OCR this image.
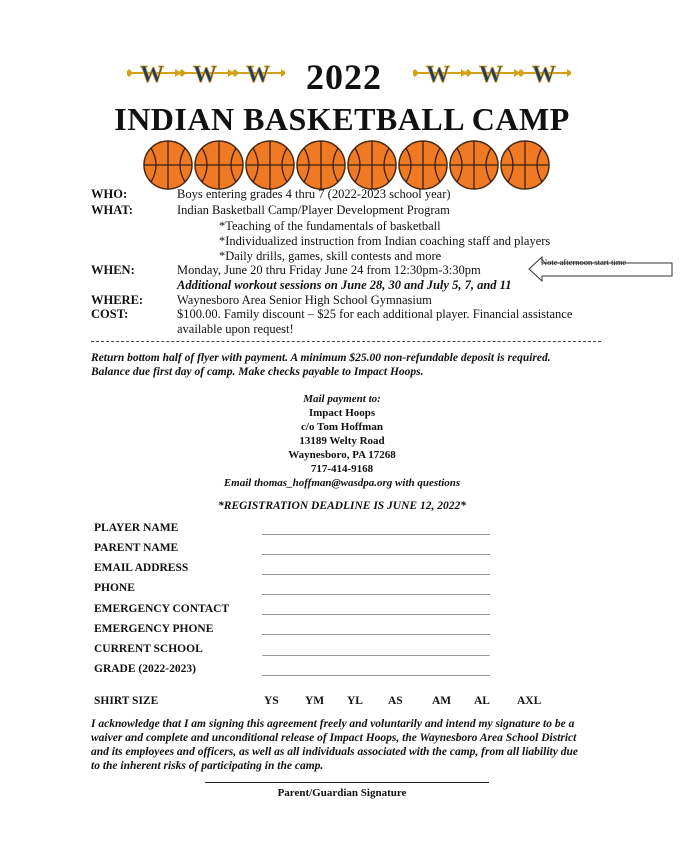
W	2022
INDIAN BASKETBALL CAMP
WHO:	Boys entering grades 4 thru 7 (2022-2023 school year)
WHAT:	Indian Basketball Camp/Player Development Program
*Teaching of the fundamentals of basketball
*Individualized instruction from Indian coaching staff and players
*Daily drills, games, skill contests and more
WHEN:	Monday, June 20 thru Friday June 24 from 12:30pm-3:30pm
Additional workout sessions on June 28, 30 and July 5, 7, and 11
Note afternoon start time
WHERE:	Waynesboro Area Senior High School Gymnasium
COST:	$100.00. Family discount – $25 for each additional player. Financial assistance
available upon request!
Return bottom half of flyer with payment. A minimum $25.00 non-refundable deposit is required.
Balance due first day of camp. Make checks payable to Impact Hoops.
Mail payment to:
Impact Hoops
c/o Tom Hoffman
13189 Welty Road
Waynesboro, PA 17268
717-414-9168
Email thomas_hoffman@wasdpa.org with questions
*REGISTRATION DEADLINE IS JUNE 12, 2022*
PLAYER NAME
PARENT NAME
EMAIL ADDRESS
PHONE
EMERGENCY CONTACT
EMERGENCY PHONE
CURRENT SCHOOL
GRADE (2022-2023)
SHIRT SIZE	YS YM YL AS	AM AL AXL
I acknowledge that I am signing this agreement freely and voluntarily and intend my signature to be a
waiver and complete and unconditional release of Impact Hoops, the Waynesboro Area School District
and its employees and officers, as well as all individuals associated with the camp, from all liability due
to the inherent risks of participating in the camp.
Parent/Guardian Signature
